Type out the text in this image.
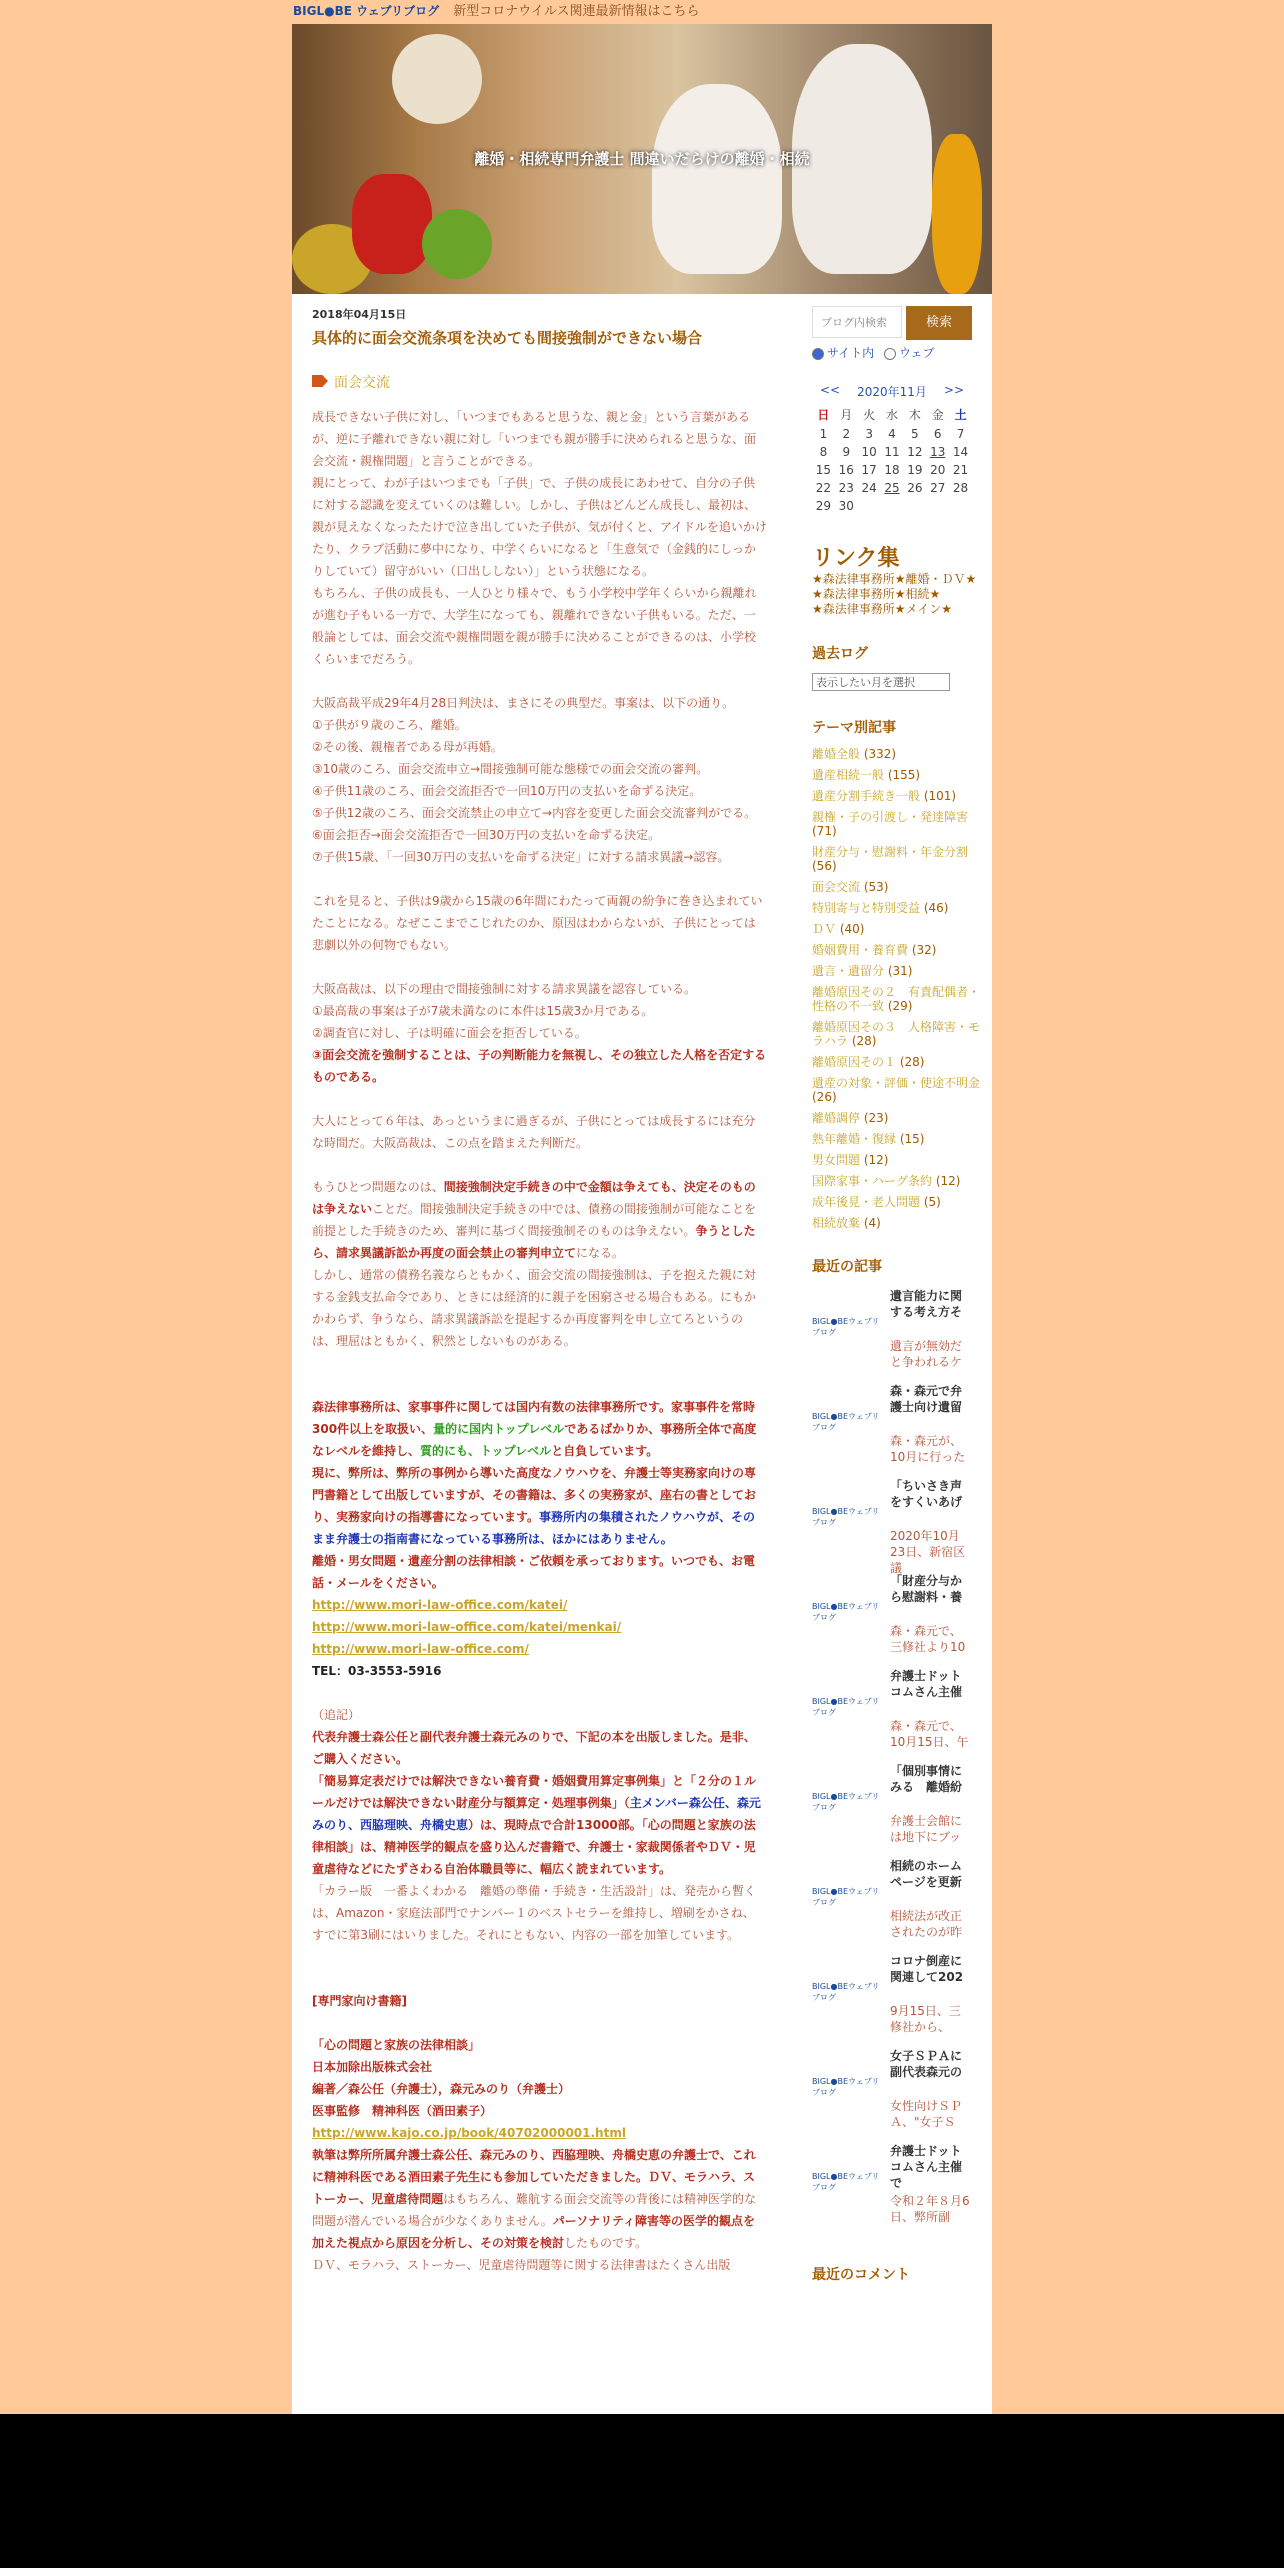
BIGL●BE ウェブリブログ 新型コロナウイルス関連最新情報はこちら
離婚・相続専門弁護士 間違いだらけの離婚・相続
2018年04月15日
具体的に面会交流条項を決めても間接強制ができない場合
面会交流

成長できない子供に対し、「いつまでもあると思うな、親と金」という言葉があるが、逆に子離れできない親に対し「いつまでも親が勝手に決められると思うな、面会交流・親権問題」と言うことができる。

親にとって、わが子はいつまでも「子供」で、子供の成長にあわせて、自分の子供に対する認識を変えていくのは難しい。しかし、子供はどんどん成長し、最初は、親が見えなくなったたけで泣き出していた子供が、気が付くと、アイドルを追いかけたり、クラブ活動に夢中になり、中学くらいになると「生意気で（金銭的にしっかりしていて）留守がいい（口出ししない）」という状態になる。

もちろん、子供の成長も、一人ひとり様々で、もう小学校中学年くらいから親離れが進む子もいる一方で、大学生になっても、親離れできない子供もいる。ただ、一般論としては、面会交流や親権問題を親が勝手に決めることができるのは、小学校くらいまでだろう。

大阪高裁平成29年4月28日判決は、まさにその典型だ。事案は、以下の通り。

①子供が９歳のころ、離婚。

②その後、親権者である母が再婚。

③10歳のころ、面会交流申立→間接強制可能な態様での面会交流の審判。

④子供11歳のころ、面会交流拒否で一回10万円の支払いを命ずる決定。

⑤子供12歳のころ、面会交流禁止の申立て→内容を変更した面会交流審判がでる。

⑥面会拒否→面会交流拒否で一回30万円の支払いを命ずる決定。

⑦子供15歳、「一回30万円の支払いを命ずる決定」に対する請求異議→認容。

これを見ると、子供は9歳から15歳の6年間にわたって両親の紛争に巻き込まれていたことになる。なぜここまでこじれたのか、原因はわからないが、子供にとっては悲劇以外の何物でもない。

大阪高裁は、以下の理由で間接強制に対する請求異議を認容している。

①最高裁の事案は子が7歳未満なのに本件は15歳3か月である。

②調査官に対し、子は明確に面会を拒否している。

③面会交流を強制することは、子の判断能力を無視し、その独立した人格を否定するものである。

大人にとって６年は、あっというまに過ぎるが、子供にとっては成長するには充分な時間だ。大阪高裁は、この点を踏まえた判断だ。

もうひとつ問題なのは、間接強制決定手続きの中で金額は争えても、決定そのものは争えないことだ。間接強制決定手続きの中では、債務の間接強制が可能なことを前提とした手続きのため、審判に基づく間接強制そのものは争えない。争うとしたら、請求異議訴訟か再度の面会禁止の審判申立てになる。

しかし、通常の債務名義ならともかく、面会交流の間接強制は、子を抱えた親に対する金銭支払命令であり、ときには経済的に親子を困窮させる場合もある。にもかかわらず、争うなら、請求異議訴訟を提起するか再度審判を申し立てろというのは、理屈はともかく、釈然としないものがある。

森法律事務所は、家事事件に関しては国内有数の法律事務所です。家事事件を常時300件以上を取扱い、量的に国内トップレベルであるばかりか、事務所全体で高度なレベルを維持し、質的にも、トップレベルと自負しています。

現に、弊所は、弊所の事例から導いた高度なノウハウを、弁護士等実務家向けの専門書籍として出版していますが、その書籍は、多くの実務家が、座右の書としており、実務家向けの指導書になっています。事務所内の集積されたノウハウが、そのまま弁護士の指南書になっている事務所は、ほかにはありません。

離婚・男女問題・遺産分割の法律相談・ご依頼を承っております。いつでも、お電話・メールをください。

http://www.mori-law-office.com/katei/

http://www.mori-law-office.com/katei/menkai/

http://www.mori-law-office.com/

TEL：03-3553-5916

（追記）

代表弁護士森公任と副代表弁護士森元みのりで、下記の本を出版しました。是非、ご購入ください。

「簡易算定表だけでは解決できない養育費・婚姻費用算定事例集」と「２分の１ルールだけでは解決できない財産分与額算定・処理事例集」（主メンバー森公任、森元みのり、西脇理映、舟橋史恵）は、現時点で合計13000部。「心の問題と家族の法律相談」は、精神医学的観点を盛り込んだ書籍で、弁護士・家裁関係者やＤＶ・児童虐待などにたずさわる自治体職員等に、幅広く読まれています。

「カラー版　一番よくわかる　離婚の準備・手続き・生活設計」は、発売から暫くは、Amazon・家庭法部門でナンバー１のベストセラーを維持し、増刷をかさね、すでに第3刷にはいりました。それにともない、内容の一部を加筆しています。

[専門家向け書籍]

「心の問題と家族の法律相談」

日本加除出版株式会社

編著／森公任（弁護士），森元みのり（弁護士）

医事監修　精神科医（酒田素子）

http://www.kajo.co.jp/book/40702000001.html

執筆は弊所所属弁護士森公任、森元みのり、西脇理映、舟橋史恵の弁護士で、これに精神科医である酒田素子先生にも参加していただきました。ＤＶ、モラハラ、ストーカー、児童虐待問題はもちろん、難航する面会交流等の背後には精神医学的な問題が潜んでいる場合が少なくありません。パーソナリティ障害等の医学的観点を加えた視点から原因を分析し、その対策を検討したものです。

ＤＶ、モラハラ、ストーカー、児童虐待問題等に関する法律書はたくさん出版

ブログ内検索	検索
サイト内 ウェブ
<< 2020年11月 >>
日 月 火 水 木 金 土
1	2	3	4	5	6	7
8	9 10 11 12 13 14
15 16 17 18 19 20 21
22 23 24 25 26 27 28
29 30
リンク集
★森法律事務所★離婚・ＤＶ★
★森法律事務所★相続★
★森法律事務所★メイン★
過去ログ
表示したい月を選択
テーマ別記事
離婚全般 (332)
遺産相続一般 (155)
遺産分割手続き一般 (101)
親権・子の引渡し・発達障害 (71)
財産分与・慰謝料・年金分割 (56)
面会交流 (53)
特別寄与と特別受益 (46)
ＤＶ (40)
婚姻費用・養育費 (32)
遺言・遺留分 (31)
離婚原因その２　有責配偶者・性格の不一致 (29)
離婚原因その３　人格障害・モラハラ (28)
離婚原因その１ (28)
遺産の対象・評価・使途不明金 (26)
離婚調停 (23)
熟年離婚・復縁 (15)
男女問題 (12)
国際家事・ハーグ条約 (12)
成年後見・老人問題 (5)
相続放棄 (4)
最近の記事
BIGL●BEウェブリブログ
遺言能力に関する考え方そ
遺言が無効だと争われるケ
BIGL●BEウェブリブログ
森・森元で弁護士向け遺留
森・森元が、10月に行った
BIGL●BEウェブリブログ
「ちいさき声をすくいあげ
2020年10月23日、新宿区議
BIGL●BEウェブリブログ
「財産分与から慰謝料・養
森・森元で、三修社より10
BIGL●BEウェブリブログ
弁護士ドットコムさん主催
森・森元で、10月15日、午
BIGL●BEウェブリブログ
「個別事情にみる　離婚紛
弁護士会館には地下にブッ
BIGL●BEウェブリブログ
相続のホームページを更新
相続法が改正されたのが昨
BIGL●BEウェブリブログ
コロナ倒産に関連して202
9月15日、三修社から、
BIGL●BEウェブリブログ
女子ＳＰＡに副代表森元の
女性向けＳＰＡ、"女子Ｓ
BIGL●BEウェブリブログ
弁護士ドットコムさん主催で
令和２年８月6日、弊所副
最近のコメント
